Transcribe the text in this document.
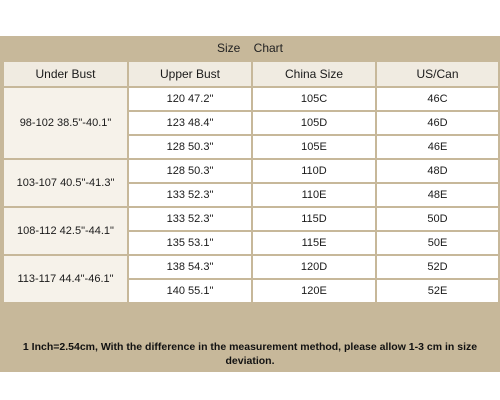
Size    Chart
Under Bust	Upper Bust	China Size	US/Can
98-102 38.5"-40.1"	120 47.2"	105C	46C
	123 48.4"	105D	46D
	128 50.3"	105E	46E
103-107 40.5"-41.3"	128 50.3"	110D	48D
	133 52.3"	110E	48E
108-112 42.5"-44.1"	133 52.3"	115D	50D
	135 53.1"	115E	50E
113-117 44.4"-46.1"	138 54.3"	120D	52D
	140 55.1"	120E	52E
1 Inch=2.54cm, With the difference in the measurement method, please allow 1-3 cm in size deviation.
